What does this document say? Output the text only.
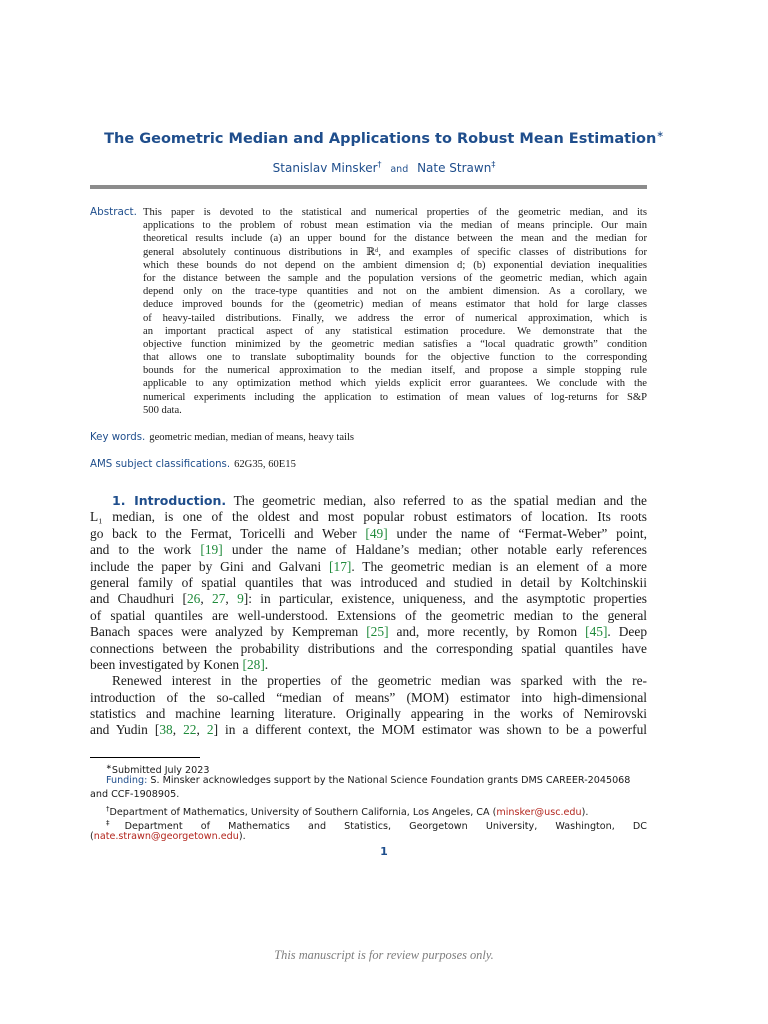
The Geometric Median and Applications to Robust Mean Estimation∗
Stanislav Minsker† and Nate Strawn‡
Abstract. This paper is devoted to the statistical and numerical properties of the geometric median, and its
applications to the problem of robust mean estimation via the median of means principle. Our main
theoretical results include (a) an upper bound for the distance between the mean and the median for
general absolutely continuous distributions in ℝᵈ, and examples of specific classes of distributions for
which these bounds do not depend on the ambient dimension d; (b) exponential deviation inequalities
for the distance between the sample and the population versions of the geometric median, which again
depend only on the trace-type quantities and not on the ambient dimension. As a corollary, we
deduce improved bounds for the (geometric) median of means estimator that hold for large classes
of heavy-tailed distributions. Finally, we address the error of numerical approximation, which is
an important practical aspect of any statistical estimation procedure. We demonstrate that the
objective function minimized by the geometric median satisfies a “local quadratic growth” condition
that allows one to translate suboptimality bounds for the objective function to the corresponding
bounds for the numerical approximation to the median itself, and propose a simple stopping rule
applicable to any optimization method which yields explicit error guarantees. We conclude with the
numerical experiments including the application to estimation of mean values of log-returns for S&P
500 data.
Key words. geometric median, median of means, heavy tails
AMS subject classifications. 62G35, 60E15
1. Introduction. The geometric median, also referred to as the spatial median and the
L₁ median, is one of the oldest and most popular robust estimators of location. Its roots
go back to the Fermat, Toricelli and Weber [49] under the name of “Fermat-Weber” point,
and to the work [19] under the name of Haldane’s median; other notable early references
include the paper by Gini and Galvani [17]. The geometric median is an element of a more
general family of spatial quantiles that was introduced and studied in detail by Koltchinskii
and Chaudhuri [26, 27, 9]: in particular, existence, uniqueness, and the asymptotic properties
of spatial quantiles are well-understood. Extensions of the geometric median to the general
Banach spaces were analyzed by Kempreman [25] and, more recently, by Romon [45]. Deep
connections between the probability distributions and the corresponding spatial quantiles have
been investigated by Konen [28].
Renewed interest in the properties of the geometric median was sparked with the re-
introduction of the so-called “median of means” (MOM) estimator into high-dimensional
statistics and machine learning literature. Originally appearing in the works of Nemirovski
and Yudin [38, 22, 2] in a different context, the MOM estimator was shown to be a powerful
∗Submitted July 2023
Funding: S. Minsker acknowledges support by the National Science Foundation grants DMS CAREER-2045068
and CCF-1908905.
†Department of Mathematics, University of Southern California, Los Angeles, CA (minsker@usc.edu).
‡Department of Mathematics and Statistics, Georgetown University, Washington, DC
(nate.strawn@georgetown.edu).
1
This manuscript is for review purposes only.
